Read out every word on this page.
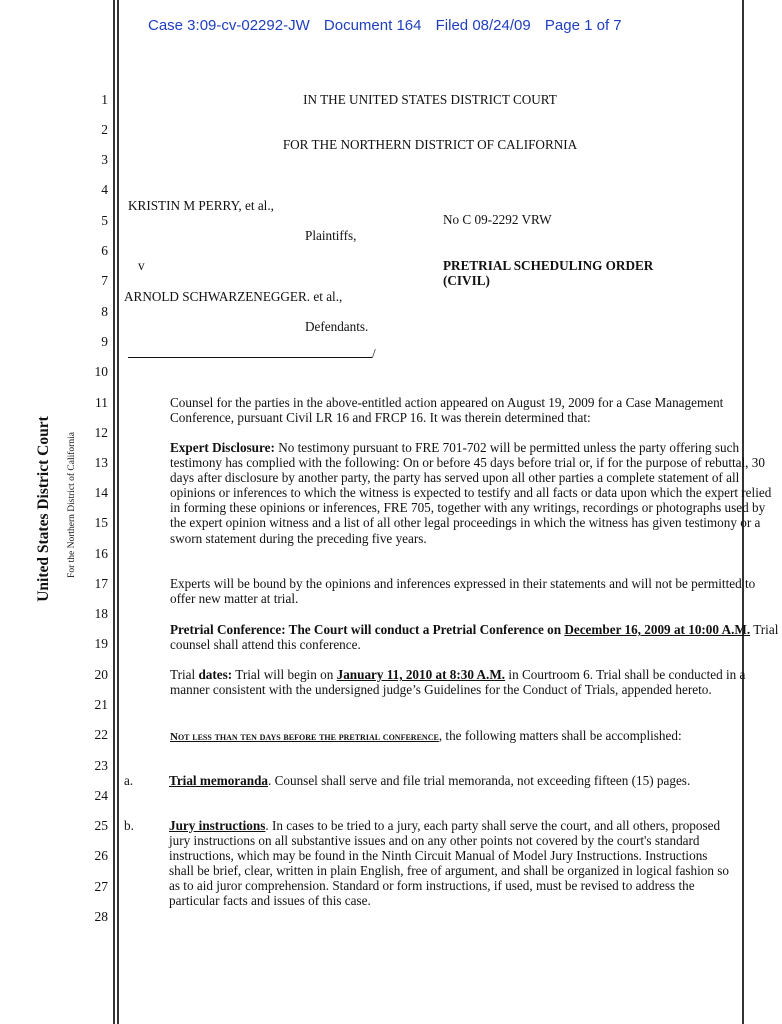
Case 3:09-cv-02292-JW Document 164 Filed 08/24/09 Page 1 of 7
United States District Court For the Northern District of California
1
2
3
4
5
6
7
8
9
10
11
12
13
14
15
16
17
18
19
20
21
22
23
24
25
26
27
28
IN THE UNITED STATES DISTRICT COURT
FOR THE NORTHERN DISTRICT OF CALIFORNIA
KRISTIN M PERRY, et al.,
Plaintiffs,
v
ARNOLD SCHWARZENEGGER. et al.,
Defendants.
/
No C 09-2292 VRW
PRETRIAL SCHEDULING ORDER
(CIVIL)
Counsel for the parties in the above-entitled action appeared on August 19, 2009 for a Case Management Conference, pursuant Civil LR 16 and FRCP 16. It was therein determined that:
Expert Disclosure: No testimony pursuant to FRE 701-702 will be permitted unless the party offering such testimony has complied with the following: On or before 45 days before trial or, if for the purpose of rebuttal, 30 days after disclosure by another party, the party has served upon all other parties a complete statement of all opinions or inferences to which the witness is expected to testify and all facts or data upon which the expert relied in forming these opinions or inferences, FRE 705, together with any writings, recordings or photographs used by the expert opinion witness and a list of all other legal proceedings in which the witness has given testimony or a sworn statement during the preceding five years.
Experts will be bound by the opinions and inferences expressed in their statements and will not be permitted to offer new matter at trial.
Pretrial Conference: The Court will conduct a Pretrial Conference on December 16, 2009 at 10:00 A.M. Trial counsel shall attend this conference.
Trial dates: Trial will begin on January 11, 2010 at 8:30 A.M. in Courtroom 6. Trial shall be conducted in a manner consistent with the undersigned judge’s Guidelines for the Conduct of Trials, appended hereto.
Not less than ten days before the pretrial conference, the following matters shall be accomplished:
a.	Trial memoranda. Counsel shall serve and file trial memoranda, not exceeding fifteen (15) pages.
b.	Jury instructions. In cases to be tried to a jury, each party shall serve the court, and all others, proposed jury instructions on all substantive issues and on any other points not covered by the court's standard instructions, which may be found in the Ninth Circuit Manual of Model Jury Instructions. Instructions shall be brief, clear, written in plain English, free of argument, and shall be organized in logical fashion so as to aid juror comprehension. Standard or form instructions, if used, must be revised to address the particular facts and issues of this case.
